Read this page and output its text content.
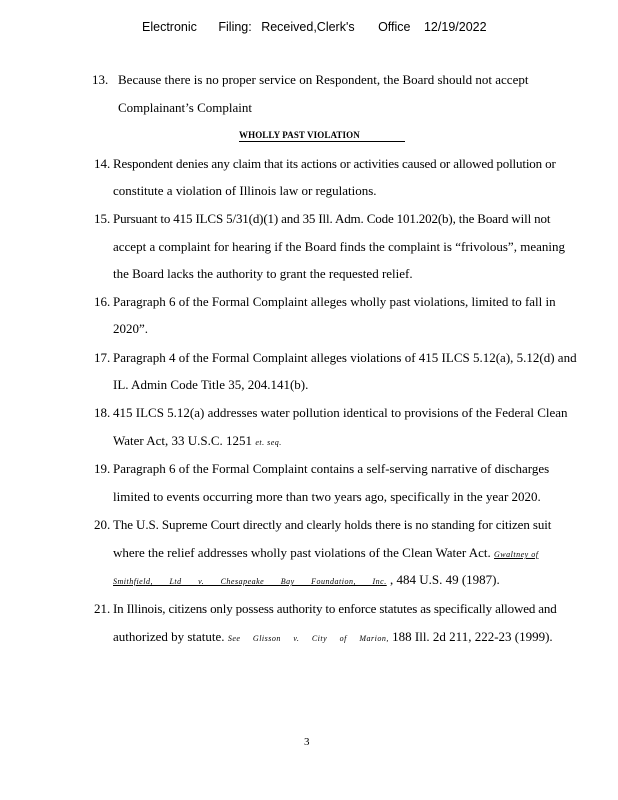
Electronic Filing: Received,Clerk's Office 12/19/2022
13. Because there is no proper service on Respondent, the Board should not accept
Complainant’s Complaint
WHOLLY PAST VIOLATION
14. Respondent denies any claim that its actions or activities caused or allowed pollution or
constitute a violation of Illinois law or regulations.
15. Pursuant to 415 ILCS 5/31(d)(1) and 35 Ill. Adm. Code 101.202(b), the Board will not
accept a complaint for hearing if the Board finds the complaint is “frivolous”, meaning
the Board lacks the authority to grant the requested relief.
16. Paragraph 6 of the Formal Complaint alleges wholly past violations, limited to fall in
2020”.
17. Paragraph 4 of the Formal Complaint alleges violations of 415 ILCS 5.12(a), 5.12(d) and
IL. Admin Code Title 35, 204.141(b).
18. 415 ILCS 5.12(a) addresses water pollution identical to provisions of the Federal Clean
Water Act, 33 U.S.C. 1251 et. seq.
19. Paragraph 6 of the Formal Complaint contains a self-serving narrative of discharges
limited to events occurring more than two years ago, specifically in the year 2020.
20. The U.S. Supreme Court directly and clearly holds there is no standing for citizen suit
where the relief addresses wholly past violations of the Clean Water Act. Gwaltney of
Smithfield, Ltd v. Chesapeake Bay Foundation, Inc. , 484 U.S. 49 (1987).
21. In Illinois, citizens only possess authority to enforce statutes as specifically allowed and
authorized by statute. See Glisson v. City of Marion, 188 Ill. 2d 211, 222-23 (1999).
3
